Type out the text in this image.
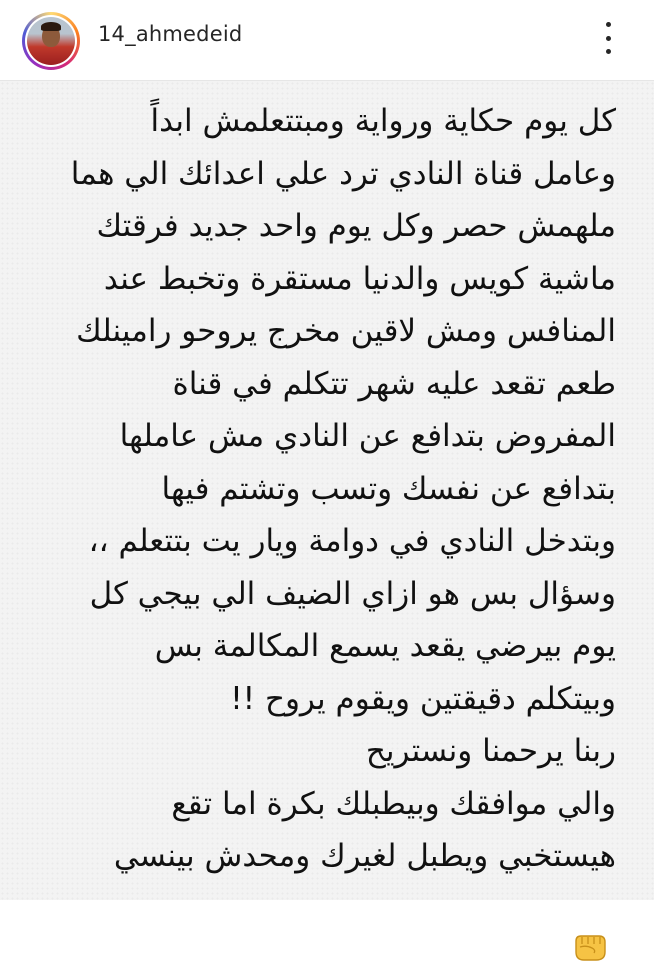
14_ahmedeid
كل يوم حكاية ورواية ومبتتعلمش ابداً
وعامل قناة النادي ترد علي اعدائك الي هما
ملهمش حصر وكل يوم واحد جديد فرقتك
ماشية كويس والدنيا مستقرة وتخبط عند
المنافس ومش لاقين مخرج يروحو رامينلك
طعم تقعد عليه شهر تتكلم في قناة
المفروض بتدافع عن النادي مش عاملها
بتدافع عن نفسك وتسب وتشتم فيها
وبتدخل النادي في دوامة ويار يت بتتعلم ،،
وسؤال بس هو ازاي الضيف الي بيجي كل
يوم بيرضي يقعد يسمع المكالمة بس
وبيتكلم دقيقتين ويقوم يروح !!
ربنا يرحمنا ونستريح
والي موافقك وبيطبلك بكرة اما تقع
هيستخبي ويطبل لغيرك ومحدش بينسي
